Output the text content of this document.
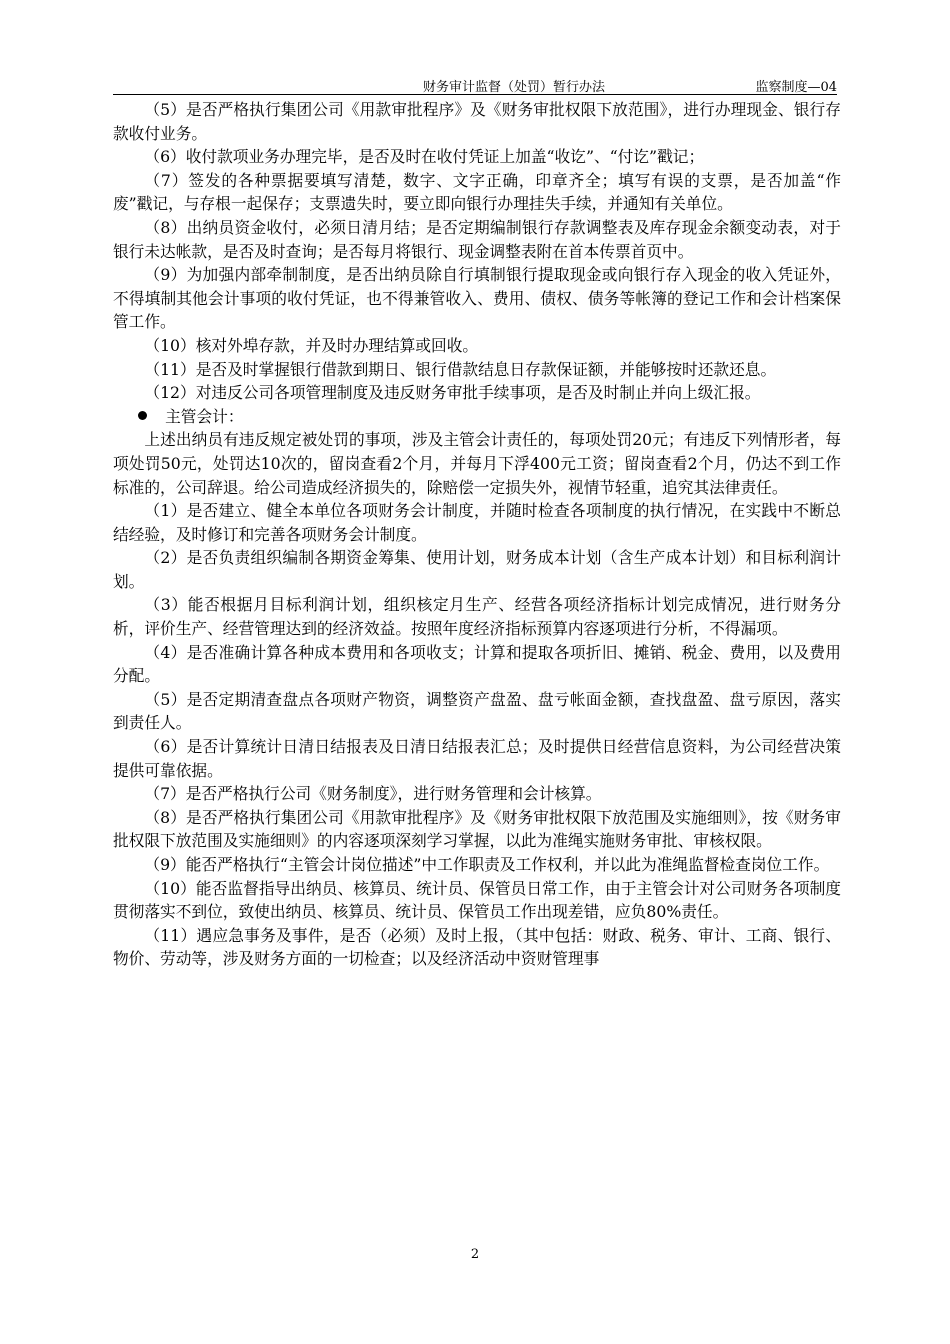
财务审计监督（处罚）暂行办法	监察制度—04

（5）是否严格执行集团公司《用款审批程序》及《财务审批权限下放范围》，进行办理现金、银行存款收付业务。

（6）收付款项业务办理完毕，是否及时在收付凭证上加盖“收讫”、“付讫”戳记；

（7）签发的各种票据要填写清楚，数字、文字正确，印章齐全；填写有误的支票，是否加盖“作废”戳记，与存根一起保存；支票遗失时，要立即向银行办理挂失手续，并通知有关单位。

（8）出纳员资金收付，必须日清月结；是否定期编制银行存款调整表及库存现金余额变动表，对于银行未达帐款，是否及时查询；是否每月将银行、现金调整表附在首本传票首页中。

（9）为加强内部牵制制度，是否出纳员除自行填制银行提取现金或向银行存入现金的收入凭证外，不得填制其他会计事项的收付凭证，也不得兼管收入、费用、债权、债务等帐簿的登记工作和会计档案保管工作。

（10）核对外埠存款，并及时办理结算或回收。

（11）是否及时掌握银行借款到期日、银行借款结息日存款保证额，并能够按时还款还息。

（12）对违反公司各项管理制度及违反财务审批手续事项，是否及时制止并向上级汇报。

主管会计：

上述出纳员有违反规定被处罚的事项，涉及主管会计责任的，每项处罚20元；有违反下列情形者，每项处罚50元，处罚达10次的，留岗查看2个月，并每月下浮400元工资；留岗查看2个月，仍达不到工作标准的，公司辞退。给公司造成经济损失的，除赔偿一定损失外，视情节轻重，追究其法律责任。

（1）是否建立、健全本单位各项财务会计制度，并随时检查各项制度的执行情况，在实践中不断总结经验，及时修订和完善各项财务会计制度。

（2）是否负责组织编制各期资金筹集、使用计划，财务成本计划（含生产成本计划）和目标利润计划。

（3）能否根据月目标利润计划，组织核定月生产、经营各项经济指标计划完成情况，进行财务分析，评价生产、经营管理达到的经济效益。按照年度经济指标预算内容逐项进行分析，不得漏项。

（4）是否准确计算各种成本费用和各项收支；计算和提取各项折旧、摊销、税金、费用，以及费用分配。

（5）是否定期清查盘点各项财产物资，调整资产盘盈、盘亏帐面金额，查找盘盈、盘亏原因，落实到责任人。

（6）是否计算统计日清日结报表及日清日结报表汇总；及时提供日经营信息资料，为公司经营决策提供可靠依据。

（7）是否严格执行公司《财务制度》，进行财务管理和会计核算。

（8）是否严格执行集团公司《用款审批程序》及《财务审批权限下放范围及实施细则》，按《财务审批权限下放范围及实施细则》的内容逐项深刻学习掌握，以此为准绳实施财务审批、审核权限。

（9）能否严格执行“主管会计岗位描述”中工作职责及工作权利，并以此为准绳监督检查岗位工作。

（10）能否监督指导出纳员、核算员、统计员、保管员日常工作，由于主管会计对公司财务各项制度贯彻落实不到位，致使出纳员、核算员、统计员、保管员工作出现差错，应负80%责任。

（11）遇应急事务及事件，是否（必须）及时上报，（其中包括：财政、税务、审计、工商、银行、物价、劳动等，涉及财务方面的一切检查；以及经济活动中资财管理事

2
